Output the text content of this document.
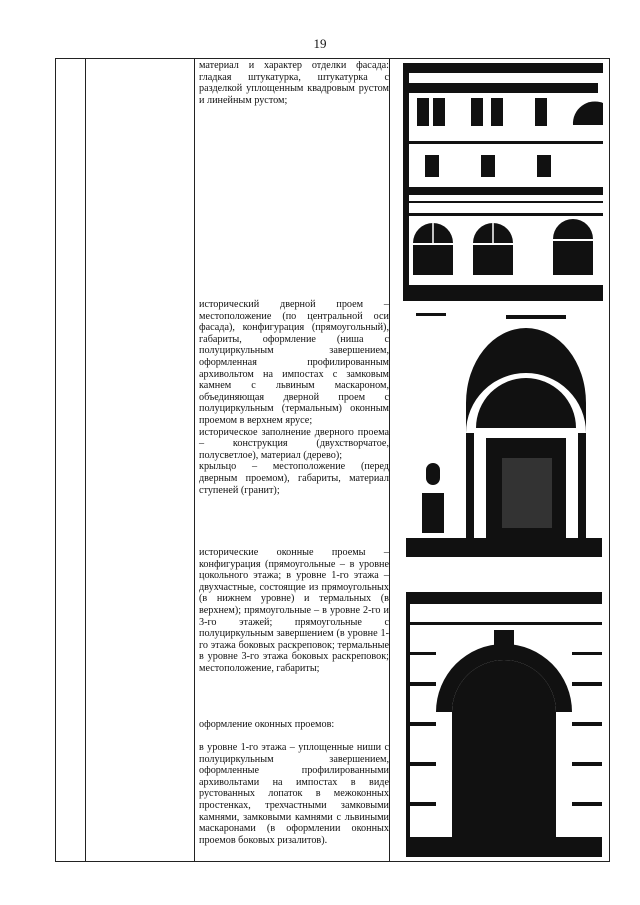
19

материал и характер отделки фасада: гладкая штукатурка, штукатурка с разделкой уплощенным квадровым рустом и линейным рустом;

исторический дверной проем – местоположение (по центральной оси фасада), конфигурация (прямоугольный), габариты, оформление (ниша с полуциркульным завершением, оформленная профилированным архивольтом на импостах с замковым камнем с львиным маскароном, объединяющая дверной проем с полуциркульным (термальным) оконным проемом в верхнем ярусе;

историческое заполнение дверного проема – конструкция (двухстворчатое, полусветлое), материал (дерево);

крыльцо – местоположение (перед дверным проемом), габариты, материал ступеней (гранит);

исторические оконные проемы – конфигурация (прямоугольные – в уровне цокольного этажа; в уровне 1-го этажа – двухчастные, состоящие из прямоугольных (в нижнем уровне) и термальных (в верхнем); прямоугольные – в уровне 2-го и 3-го этажей; прямоугольные с полуциркульным завершением (в уровне 1-го этажа боковых раскреповок; термальные в уровне 3-го этажа боковых раскреповок; местоположение, габариты;

оформление оконных проемов:

в уровне 1-го этажа – уплощенные ниши с полуциркульным завершением, оформленные профилированными архивольтами на импостах в виде рустованных лопаток в межоконных простенках, трехчастными замковыми камнями, замковыми камнями с львиными маскаронами (в оформлении оконных проемов боковых ризалитов).
